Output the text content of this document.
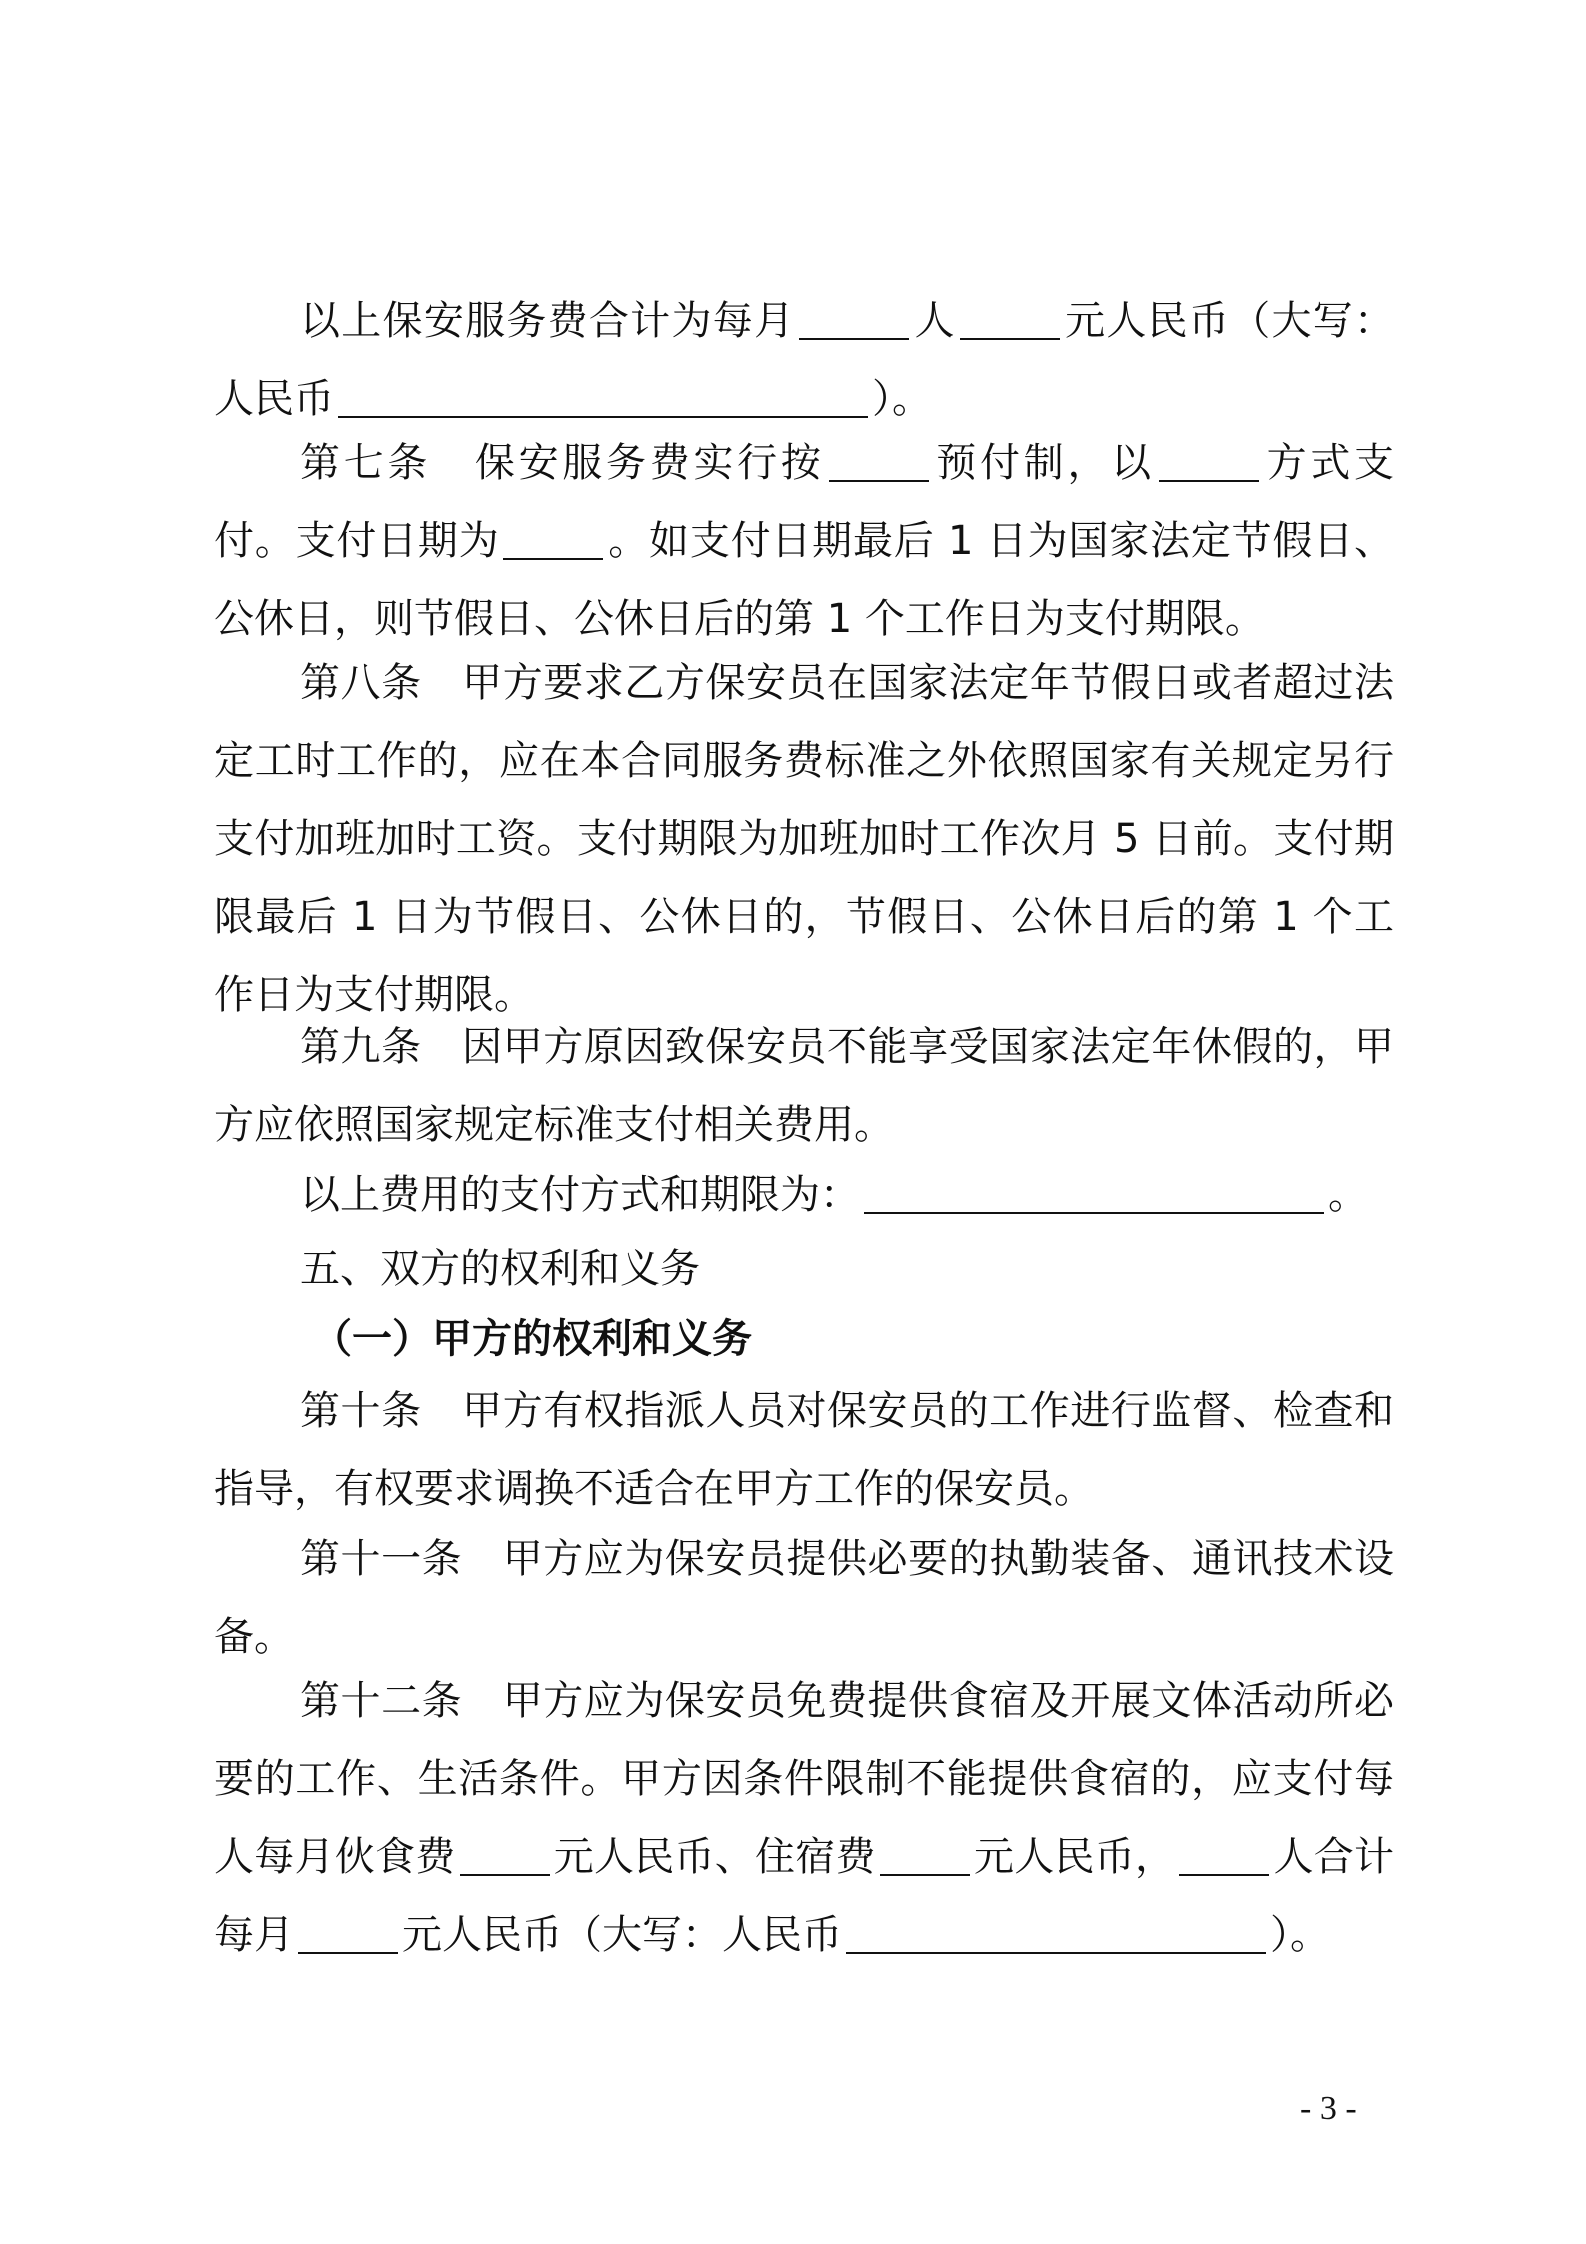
以上保安服务费合计为每月	人	元人民币（大写：人民币	）。

第七条　 保安服务费实行按	预付制，以	方式支付。支付日期为	。如支付日期最后 1 日为国家法定节假日、公休日，则节假日、公休日后的第 1 个工作日为支付期限。

第八条　 甲方要求乙方保安员在国家法定年节假日或者超过法定工时工作的，应在本合同服务费标准之外依照国家有关规定另行支付加班加时工资。支付期限为加班加时工作次月 5 日前。支付期限最后 1 日为节假日、公休日的，节假日、公休日后的第 1 个工作日为支付期限。

第九条　 因甲方原因致保安员不能享受国家法定年休假的，甲方应依照国家规定标准支付相关费用。

以上费用的支付方式和期限为：	。

五、双方的权利和义务

（一）甲方的权利和义务

第十条　 甲方有权指派人员对保安员的工作进行监督、检查和指导，有权要求调换不适合在甲方工作的保安员。

第十一条　 甲方应为保安员提供必要的执勤装备、通讯技术设备。

第十二条　 甲方应为保安员免费提供食宿及开展文体活动所必要的工作、生活条件。甲方因条件限制不能提供食宿的，应支付每人每月伙食费 元人民币、住宿费 元人民币， 人合计每月	元人民币（大写：人民币	）。

- 3 -
